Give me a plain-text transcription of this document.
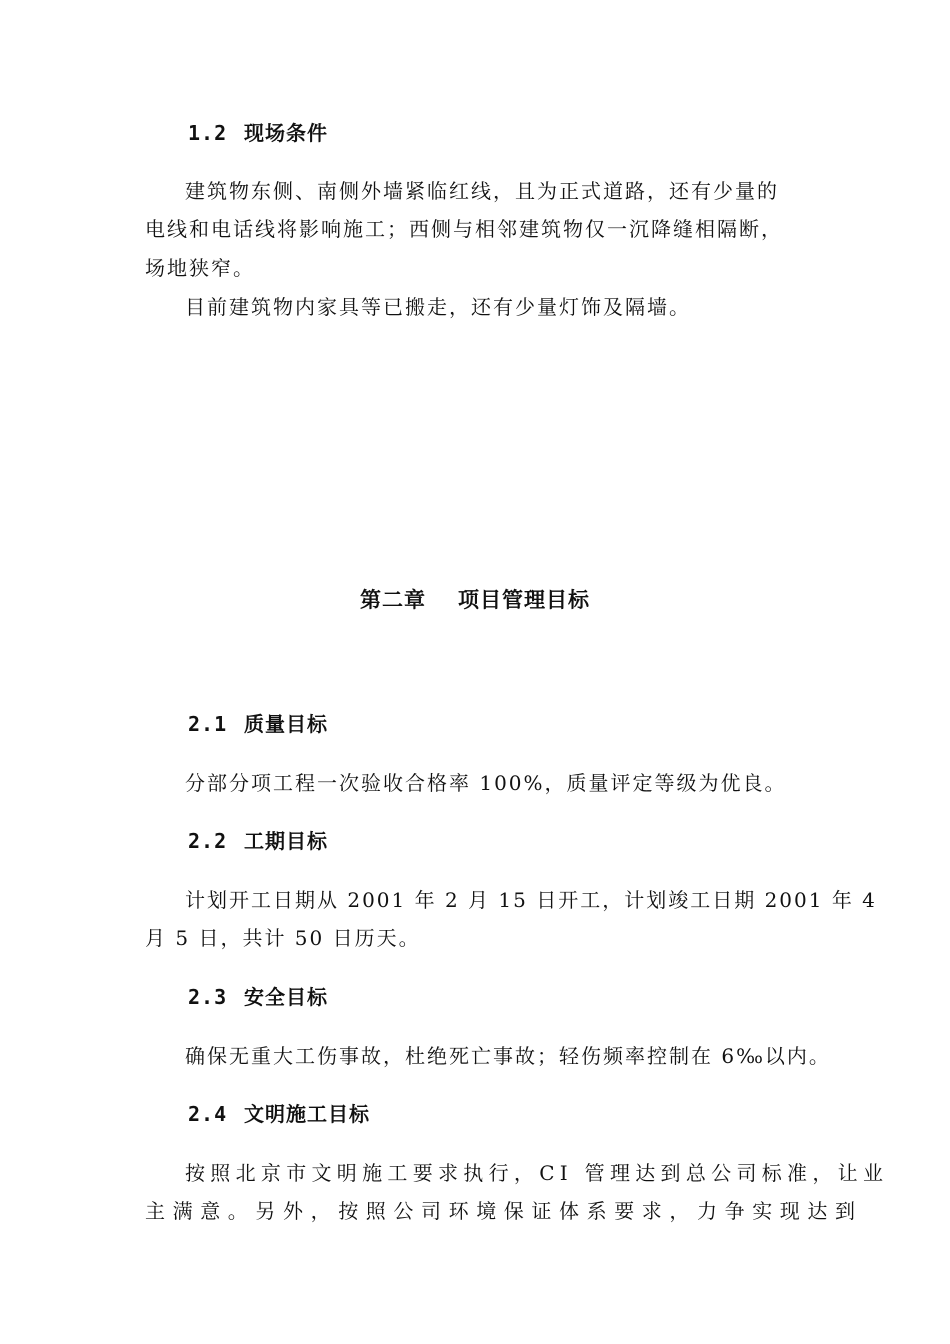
1.2 现场条件
建筑物东侧、南侧外墙紧临红线，且为正式道路，还有少量的
电线和电话线将影响施工；西侧与相邻建筑物仅一沉降缝相隔断，
场地狭窄。
目前建筑物内家具等已搬走，还有少量灯饰及隔墙。
第二章 项目管理目标
2.1 质量目标
分部分项工程一次验收合格率 100%，质量评定等级为优良。
2.2 工期目标
计划开工日期从 2001 年 2 月 15 日开工，计划竣工日期 2001 年 4
月 5 日，共计 50 日历天。
2.3 安全目标
确保无重大工伤事故，杜绝死亡事故；轻伤频率控制在 6‰以内。
2.4 文明施工目标
按照北京市文明施工要求执行，CI 管理达到总公司标准，让业
主满意。另外，按照公司环境保证体系要求，力争实现达到
